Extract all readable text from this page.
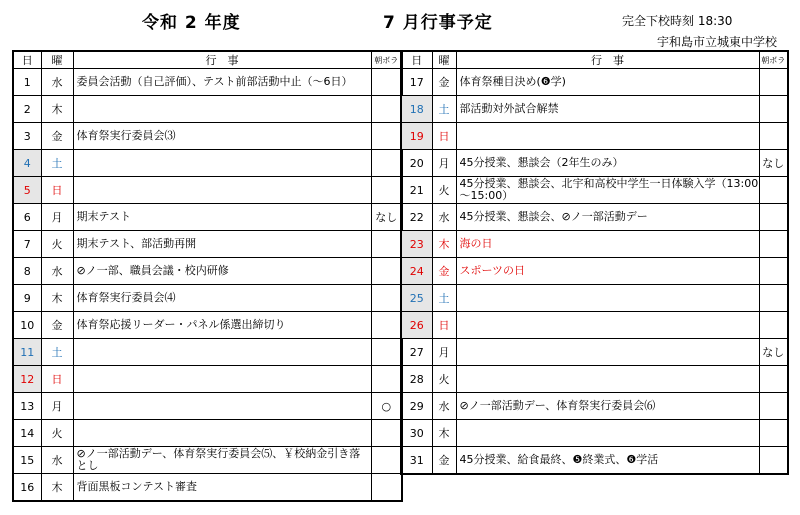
令和 2 年度	7 月行事予定	完全下校時刻 18:30
宇和島市立城東中学校
日	曜	行　事	朝ボラ
1	水	委員会活動（自己評価）、テスト前部活動中止（～6日）	
2	木		
3	金	体育祭実行委員会⑶	
4	土		
5	日		
6	月	期末テスト	なし
7	火	期末テスト、部活動再開	
8	水	⊘ノ一部、職員会議・校内研修	
9	木	体育祭実行委員会⑷	
10	金	体育祭応援リーダー・パネル係選出締切り	
11	土		
12	日		
13	月		○
14	火		
15	水	⊘ノ一部活動デー、体育祭実行委員会⑸、￥校納金引き落とし	
16	木	背面黒板コンテスト審査	
日	曜	行　事	朝ボラ
17	金	体育祭種目決め(❻学)	
18	土	部活動対外試合解禁	
19	日		
20	月	45分授業、懇談会（2年生のみ）	なし
21	火	45分授業、懇談会、北宇和高校中学生一日体験入学（13:00～15:00）	
22	水	45分授業、懇談会、⊘ノ一部活動デー	
23	木	海の日	
24	金	スポーツの日	
25	土		
26	日		
27	月		なし
28	火		
29	水	⊘ノ一部活動デー、体育祭実行委員会⑹	
30	木		
31	金	45分授業、給食最終、❺終業式、❻学活	
